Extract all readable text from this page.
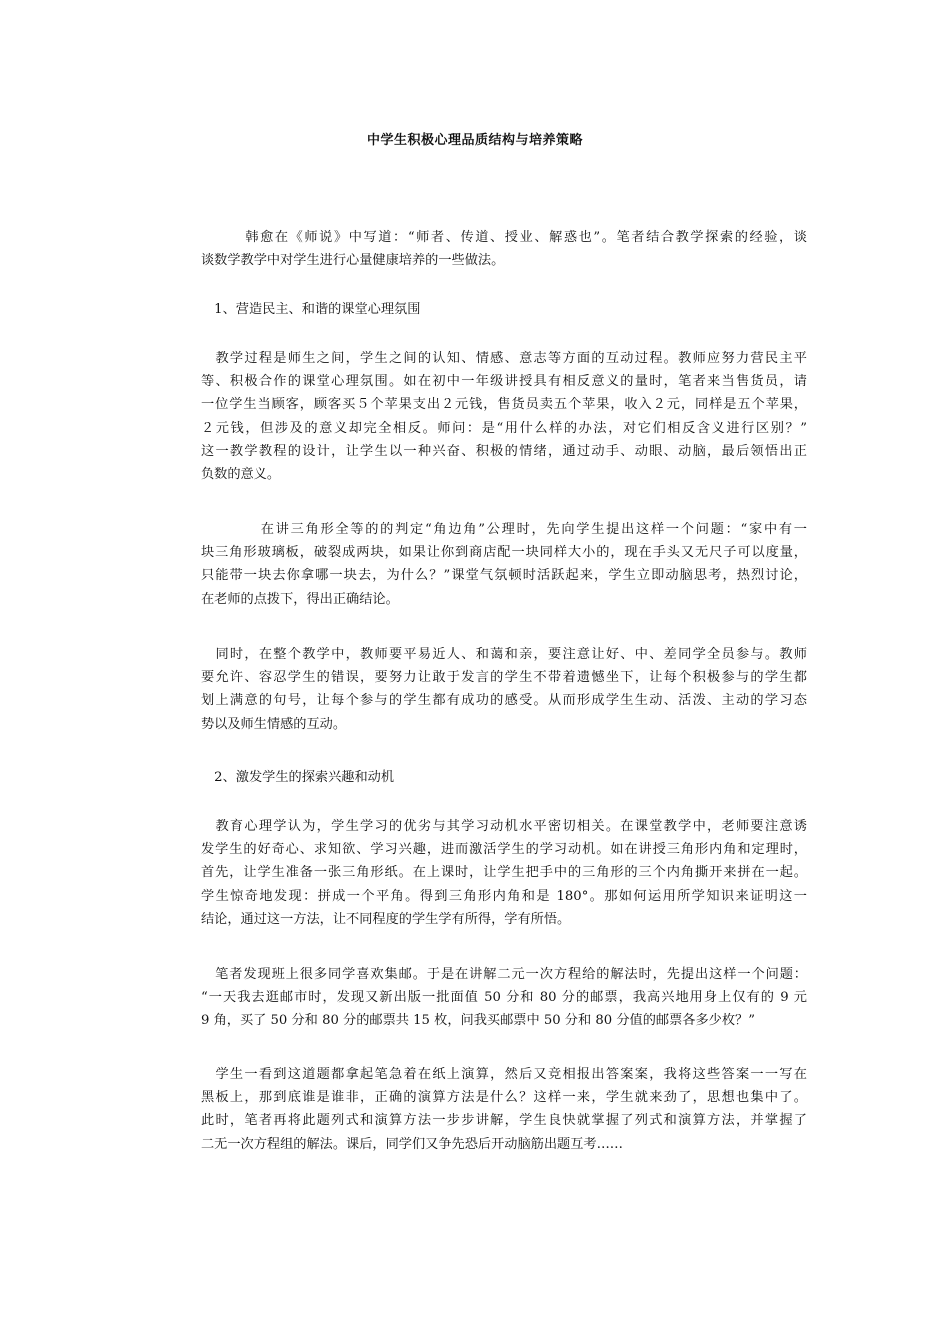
中学生积极心理品质结构与培养策略
　　　韩愈在《师说》中写道：“师者、传道、授业、解惑也”。笔者结合教学探索的经验，谈
谈数学教学中对学生进行心量健康培养的一些做法。
　1、营造民主、和谐的课堂心理氛围
　教学过程是师生之间，学生之间的认知、情感、意志等方面的互动过程。教师应努力营民主平
等、积极合作的课堂心理氛围。如在初中一年级讲授具有相反意义的量时，笔者来当售货员，请
一位学生当顾客，顾客买５个苹果支出２元钱，售货员卖五个苹果，收入２元，同样是五个苹果，
２元钱，但涉及的意义却完全相反。师问：是“用什么样的办法，对它们相反含义进行区别？”
这一教学教程的设计，让学生以一种兴奋、积极的情绪，通过动手、动眼、动脑，最后领悟出正
负数的意义。
　　　　在讲三角形全等的的判定“角边角”公理时，先向学生提出这样一个问题：“家中有一
块三角形玻璃板，破裂成两块，如果让你到商店配一块同样大小的，现在手头又无尺子可以度量，
只能带一块去你拿哪一块去，为什么？”课堂气氛顿时活跃起来，学生立即动脑思考，热烈讨论，
在老师的点拨下，得出正确结论。
　同时，在整个教学中，教师要平易近人、和蔼和亲，要注意让好、中、差同学全员参与。教师
要允许、容忍学生的错误，要努力让敢于发言的学生不带着遗憾坐下，让每个积极参与的学生都
划上满意的句号，让每个参与的学生都有成功的感受。从而形成学生生动、活泼、主动的学习态
势以及师生情感的互动。
　2、激发学生的探索兴趣和动机
　教育心理学认为，学生学习的优劣与其学习动机水平密切相关。在课堂教学中，老师要注意诱
发学生的好奇心、求知欲、学习兴趣，进而激活学生的学习动机。如在讲授三角形内角和定理时，
首先，让学生准备一张三角形纸。在上课时，让学生把手中的三角形的三个内角撕开来拼在一起。
学生惊奇地发现：拼成一个平角。得到三角形内角和是 180°。那如何运用所学知识来证明这一
结论，通过这一方法，让不同程度的学生学有所得，学有所悟。
　笔者发现班上很多同学喜欢集邮。于是在讲解二元一次方程给的解法时，先提出这样一个问题：
“一天我去逛邮市时，发现又新出版一批面值 50 分和 80 分的邮票，我高兴地用身上仅有的 9 元
9 角，买了 50 分和 80 分的邮票共 15 枚，问我买邮票中 50 分和 80 分值的邮票各多少枚？”
　学生一看到这道题都拿起笔急着在纸上演算，然后又竞相报出答案案，我将这些答案一一写在
黑板上，那到底谁是谁非，正确的演算方法是什么？这样一来，学生就来劲了，思想也集中了。
此时，笔者再将此题列式和演算方法一步步讲解，学生良快就掌握了列式和演算方法，并掌握了
二无一次方程组的解法。课后，同学们又争先恐后开动脑筋出题互考……
